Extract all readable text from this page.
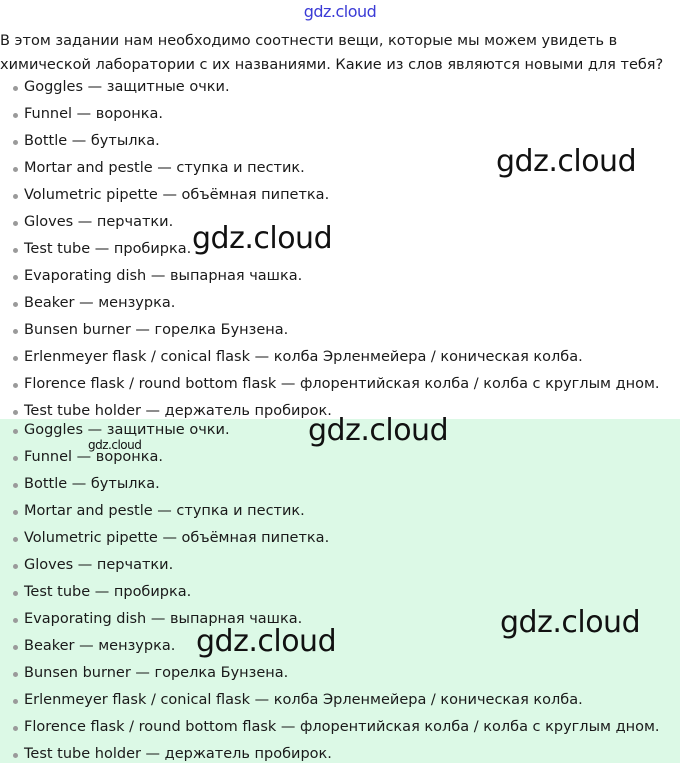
gdz.cloud

В этом задании нам необходимо соотнести вещи, которые мы можем увидеть в химической лаборатории с их названиями. Какие из слов являются новыми для тебя?

Goggles — защитные очки.
Funnel — воронка.
Bottle — бутылка.
Mortar and pestle — ступка и пестик.
Volumetric pipette — объёмная пипетка.
Gloves — перчатки.
Test tube — пробирка.
Evaporating dish — выпарная чашка.
Beaker — мензурка.
Bunsen burner — горелка Бунзена.
Erlenmeyer flask / conical flask — колба Эрленмейера / коническая колба.
Florence flask / round bottom flask — флорентийская колба / колба с круглым дном.
Test tube holder — держатель пробирок.
Goggles — защитные очки.
Funnel — воронка.
Bottle — бутылка.
Mortar and pestle — ступка и пестик.
Volumetric pipette — объёмная пипетка.
Gloves — перчатки.
Test tube — пробирка.
Evaporating dish — выпарная чашка.
Beaker — мензурка.
Bunsen burner — горелка Бунзена.
Erlenmeyer flask / conical flask — колба Эрленмейера / коническая колба.
Florence flask / round bottom flask — флорентийская колба / колба с круглым дном.
Test tube holder — держатель пробирок.
gdz.cloud
gdz.cloud
gdz.cloud
gdz.cloud
gdz.cloud
gdz.cloud
